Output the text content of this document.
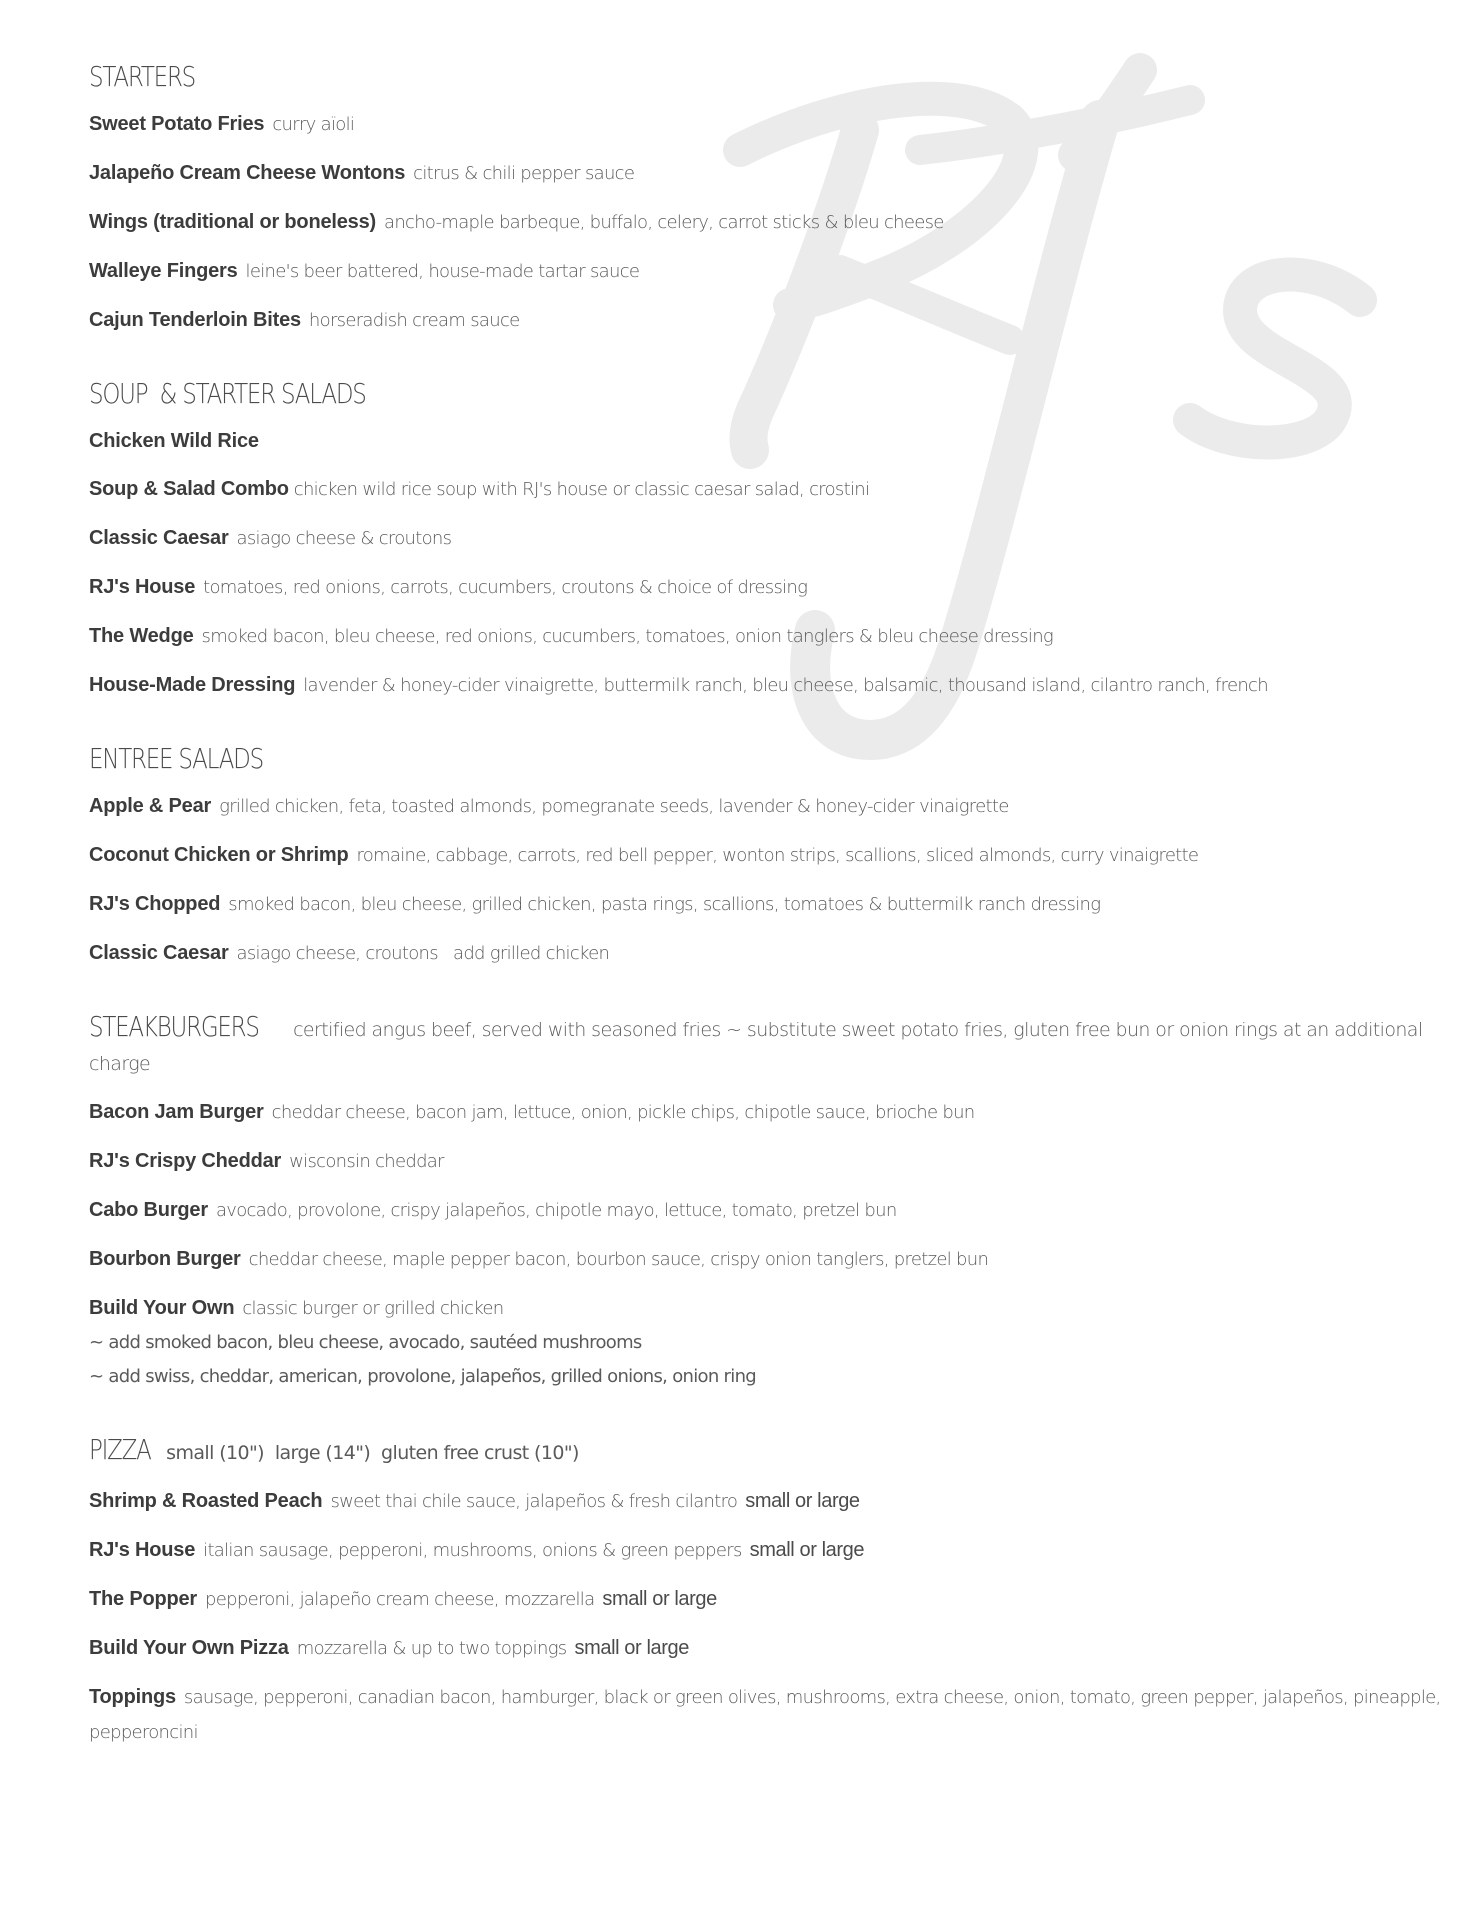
STARTERS
Sweet Potato Fries curry aïoli
Jalapeño Cream Cheese Wontons citrus & chili pepper sauce
Wings (traditional or boneless) ancho-maple barbeque, buffalo, celery, carrot sticks & bleu cheese
Walleye Fingers leine's beer battered, house-made tartar sauce
Cajun Tenderloin Bites horseradish cream sauce
SOUP  & STARTER SALADS
Chicken Wild Rice
Soup & Salad Combo chicken wild rice soup with RJ's house or classic caesar salad, crostini
Classic Caesar asiago cheese & croutons
RJ's House tomatoes, red onions, carrots, cucumbers, croutons & choice of dressing
The Wedge smoked bacon, bleu cheese, red onions, cucumbers, tomatoes, onion tanglers & bleu cheese dressing
House-Made Dressing lavender & honey-cider vinaigrette, buttermilk ranch, bleu cheese, balsamic, thousand island, cilantro ranch, french
ENTREE SALADS
Apple & Pear grilled chicken, feta, toasted almonds, pomegranate seeds, lavender & honey-cider vinaigrette
Coconut Chicken or Shrimp romaine, cabbage, carrots, red bell pepper, wonton strips, scallions, sliced almonds, curry vinaigrette
RJ's Chopped smoked bacon, bleu cheese, grilled chicken, pasta rings, scallions, tomatoes & buttermilk ranch dressing
Classic Caesar asiago cheese, croutons   add grilled chicken
STEAKBURGERS certified angus beef, served with seasoned fries ~ substitute sweet potato fries, gluten free bun or onion rings at an additional charge
Bacon Jam Burger cheddar cheese, bacon jam, lettuce, onion, pickle chips, chipotle sauce, brioche bun
RJ's Crispy Cheddar wisconsin cheddar
Cabo Burger avocado, provolone, crispy jalapeños, chipotle mayo, lettuce, tomato, pretzel bun
Bourbon Burger cheddar cheese, maple pepper bacon, bourbon sauce, crispy onion tanglers, pretzel bun
Build Your Own classic burger or grilled chicken
~ add smoked bacon, bleu cheese, avocado, sautéed mushrooms
~ add swiss, cheddar, american, provolone, jalapeños, grilled onions, onion ring
PIZZA small (10")  large (14")  gluten free crust (10")
Shrimp & Roasted Peach sweet thai chile sauce, jalapeños & fresh cilantro small or large
RJ's House italian sausage, pepperoni, mushrooms, onions & green peppers small or large
The Popper pepperoni, jalapeño cream cheese, mozzarella small or large
Build Your Own Pizza mozzarella & up to two toppings small or large
Toppings sausage, pepperoni, canadian bacon, hamburger, black or green olives, mushrooms, extra cheese, onion, tomato, green pepper, jalapeños, pineapple, pepperoncini
